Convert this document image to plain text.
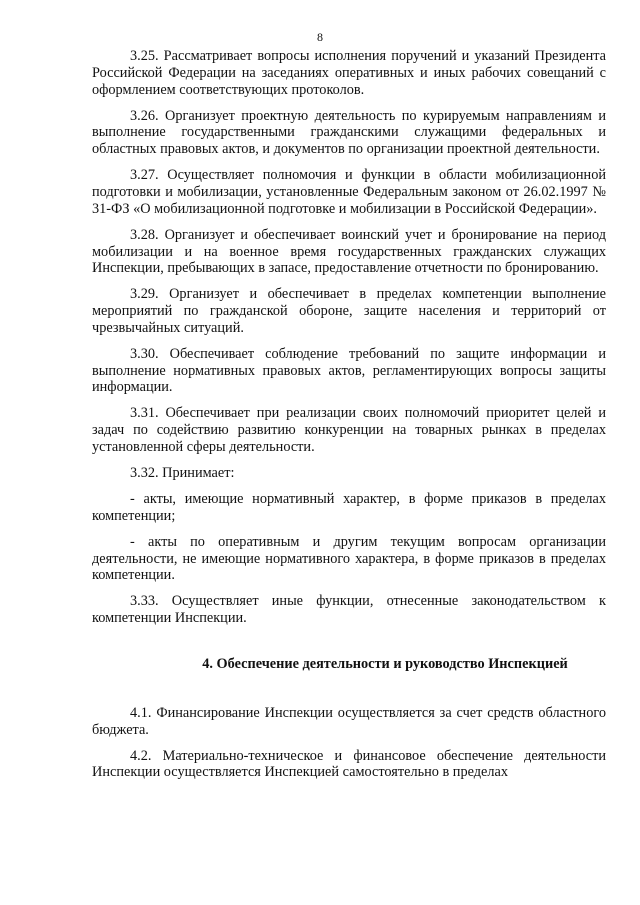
8

3.25. Рассматривает вопросы исполнения поручений и указаний Президента Российской Федерации на заседаниях оперативных и иных рабочих совещаний с оформлением соответствующих протоколов.

3.26. Организует проектную деятельность по курируемым направлениям и выполнение государственными гражданскими служащими федеральных и областных правовых актов, и документов по организации проектной деятельности.

3.27. Осуществляет полномочия и функции в области мобилизационной подготовки и мобилизации, установленные Федеральным законом от 26.02.1997 № 31-ФЗ «О мобилизационной подготовке и мобилизации в Российской Федерации».

3.28. Организует и обеспечивает воинский учет и бронирование на период мобилизации и на военное время государственных гражданских служащих Инспекции, пребывающих в запасе, предоставление отчетности по бронированию.

3.29. Организует и обеспечивает в пределах компетенции выполнение мероприятий по гражданской обороне, защите населения и территорий от чрезвычайных ситуаций.

3.30. Обеспечивает соблюдение требований по защите информации и выполнение нормативных правовых актов, регламентирующих вопросы защиты информации.

3.31. Обеспечивает при реализации своих полномочий приоритет целей и задач по содействию развитию конкуренции на товарных рынках в пределах установленной сферы деятельности.

3.32. Принимает:

- акты, имеющие нормативный характер, в форме приказов в пределах компетенции;

- акты по оперативным и другим текущим вопросам организации деятельности, не имеющие нормативного характера, в форме приказов в пределах компетенции.

3.33. Осуществляет иные функции, отнесенные законодательством к компетенции Инспекции.

4. Обеспечение деятельности и руководство Инспекцией

4.1. Финансирование Инспекции осуществляется за счет средств областного бюджета.

4.2. Материально-техническое и финансовое обеспечение деятельности Инспекции осуществляется Инспекцией самостоятельно в пределах
